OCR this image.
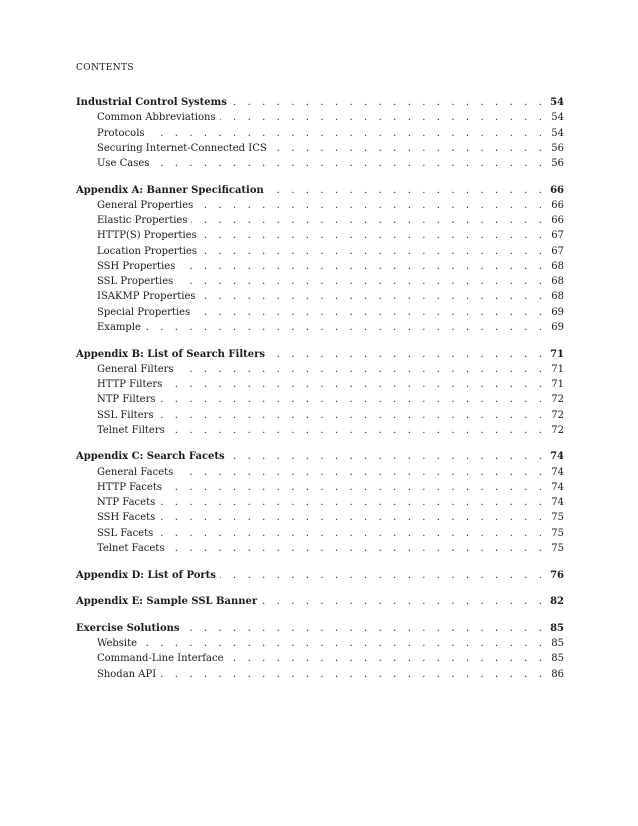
CONTENTS
Industrial Control Systems . . .	54
Common Abbreviations . . .	54
Protocols . . .	54
Securing Internet-Connected ICS . . .	56
Use Cases . . .	56
Appendix A: Banner Specification . . .	66
General Properties . . .	66
Elastic Properties . . .	66
HTTP(S) Properties . . .	67
Location Properties . . .	67
SSH Properties . . .	68
SSL Properties . . .	68
ISAKMP Properties . . .	68
Special Properties . . .	69
Example . . .	69
Appendix B: List of Search Filters . . .	71
General Filters . . .	71
HTTP Filters . . .	71
NTP Filters . . .	72
SSL Filters . . .	72
Telnet Filters . . .	72
Appendix C: Search Facets . . .	74
General Facets . . .	74
HTTP Facets . . .	74
NTP Facets . . .	74
SSH Facets . . .	75
SSL Facets . . .	75
Telnet Facets . . .	75
Appendix D: List of Ports . . .	76
Appendix E: Sample SSL Banner . . .	82
Exercise Solutions . . .	85
Website . . .	85
Command-Line Interface . . .	85
Shodan API . . .	86
